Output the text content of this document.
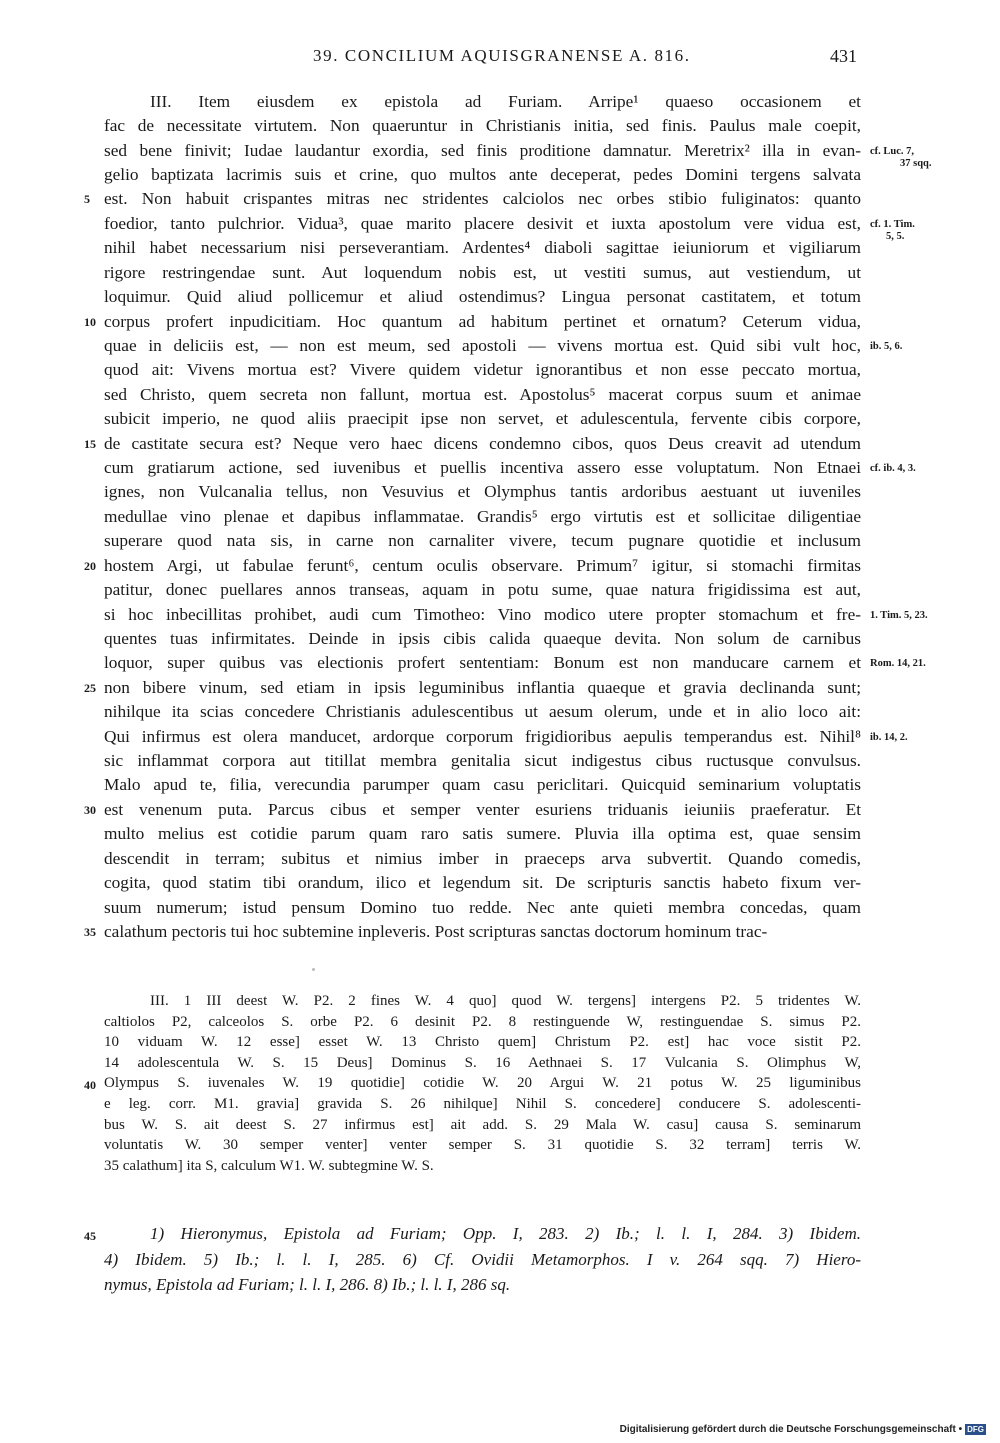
39. CONCILIUM AQUISGRANENSE A. 816.	431
III. Item eiusdem ex epistola ad Furiam. Arripe¹ quaeso occasionem et
fac de necessitate virtutem. Non quaeruntur in Christianis initia, sed finis. Paulus male coepit,
sed bene finivit; Iudae laudantur exordia, sed finis proditione damnatur. Meretrix² illa in evan-
gelio baptizata lacrimis suis et crine, quo multos ante deceperat, pedes Domini tergens salvata
est. Non habuit crispantes mitras nec stridentes calciolos nec orbes stibio fuliginatos: quanto
foedior, tanto pulchrior. Vidua³, quae marito placere desivit et iuxta apostolum vere vidua est,
nihil habet necessarium nisi perseverantiam. Ardentes⁴ diaboli sagittae ieiuniorum et vigiliarum
rigore restringendae sunt. Aut loquendum nobis est, ut vestiti sumus, aut vestiendum, ut
loquimur. Quid aliud pollicemur et aliud ostendimus? Lingua personat castitatem, et totum
corpus profert inpudicitiam. Hoc quantum ad habitum pertinet et ornatum? Ceterum vidua,
quae in deliciis est, — non est meum, sed apostoli — vivens mortua est. Quid sibi vult hoc,
quod ait: Vivens mortua est? Vivere quidem videtur ignorantibus et non esse peccato mortua,
sed Christo, quem secreta non fallunt, mortua est. Apostolus⁵ macerat corpus suum et animae
subicit imperio, ne quod aliis praecipit ipse non servet, et adulescentula, fervente cibis corpore,
de castitate secura est? Neque vero haec dicens condemno cibos, quos Deus creavit ad utendum
cum gratiarum actione, sed iuvenibus et puellis incentiva assero esse voluptatum. Non Etnaei
ignes, non Vulcanalia tellus, non Vesuvius et Olymphus tantis ardoribus aestuant ut iuveniles
medullae vino plenae et dapibus inflammatae. Grandis⁵ ergo virtutis est et sollicitae diligentiae
superare quod nata sis, in carne non carnaliter vivere, tecum pugnare quotidie et inclusum
hostem Argi, ut fabulae ferunt⁶, centum oculis observare. Primum⁷ igitur, si stomachi firmitas
patitur, donec puellares annos transeas, aquam in potu sume, quae natura frigidissima est aut,
si hoc inbecillitas prohibet, audi cum Timotheo: Vino modico utere propter stomachum et fre-
quentes tuas infirmitates. Deinde in ipsis cibis calida quaeque devita. Non solum de carnibus
loquor, super quibus vas electionis profert sententiam: Bonum est non manducare carnem et
non bibere vinum, sed etiam in ipsis leguminibus inflantia quaeque et gravia declinanda sunt;
nihilque ita scias concedere Christianis adulescentibus ut aesum olerum, unde et in alio loco ait:
Qui infirmus est olera manducet, ardorque corporum frigidioribus aepulis temperandus est. Nihil⁸
sic inflammat corpora aut titillat membra genitalia sicut indigestus cibus ructusque convulsus.
Malo apud te, filia, verecundia parumper quam casu periclitari. Quicquid seminarium voluptatis
est venenum puta. Parcus cibus et semper venter esuriens triduanis ieiuniis praeferatur. Et
multo melius est cotidie parum quam raro satis sumere. Pluvia illa optima est, quae sensim
descendit in terram; subitus et nimius imber in praeceps arva subvertit. Quando comedis,
cogita, quod statim tibi orandum, ilico et legendum sit. De scripturis sanctis habeto fixum ver-
suum numerum; istud pensum Domino tuo redde. Nec ante quieti membra concedas, quam
calathum pectoris tui hoc subtemine inpleveris. Post scripturas sanctas doctorum hominum trac-
5
10
15
20
25
30
35
40
45
cf. Luc. 7,
37 sqq.
cf. 1. Tim.
5, 5.
ib. 5, 6.
cf. ib. 4, 3.
1. Tim. 5, 23.
Rom. 14, 21.
ib. 14, 2.
III. 1 III deest W. P2. 2 fines W. 4 quo] quod W. tergens] intergens P2. 5 tridentes W.
caltiolos P2, calceolos S. orbe P2. 6 desinit P2. 8 restinguende W, restinguendae S. simus P2.
10 viduam W. 12 esse] esset W. 13 Christo quem] Christum P2. est] hac voce sistit P2.
14 adolescentula W. S. 15 Deus] Dominus S. 16 Aethnaei S. 17 Vulcania S. Olimphus W,
Olympus S. iuvenales W. 19 quotidie] cotidie W. 20 Argui W. 21 potus W. 25 liguminibus
e leg. corr. M1. gravia] gravida S. 26 nihilque] Nihil S. concedere] conducere S. adolescenti-
bus W. S. ait deest S. 27 infirmus est] ait add. S. 29 Mala W. casu] causa S. seminarum
voluntatis W. 30 semper venter] venter semper S. 31 quotidie S. 32 terram] terris W.
35 calathum] ita S, calculum W1. W. subtegmine W. S.
1) Hieronymus, Epistola ad Furiam; Opp. I, 283. 2) Ib.; l. l. I, 284. 3) Ibidem.
4) Ibidem. 5) Ib.; l. l. I, 285. 6) Cf. Ovidii Metamorphos. I v. 264 sqq. 7) Hiero-
nymus, Epistola ad Furiam; l. l. I, 286. 8) Ib.; l. l. I, 286 sq.
Digitalisierung gefördert durch die Deutsche Forschungsgemeinschaft • DFG
